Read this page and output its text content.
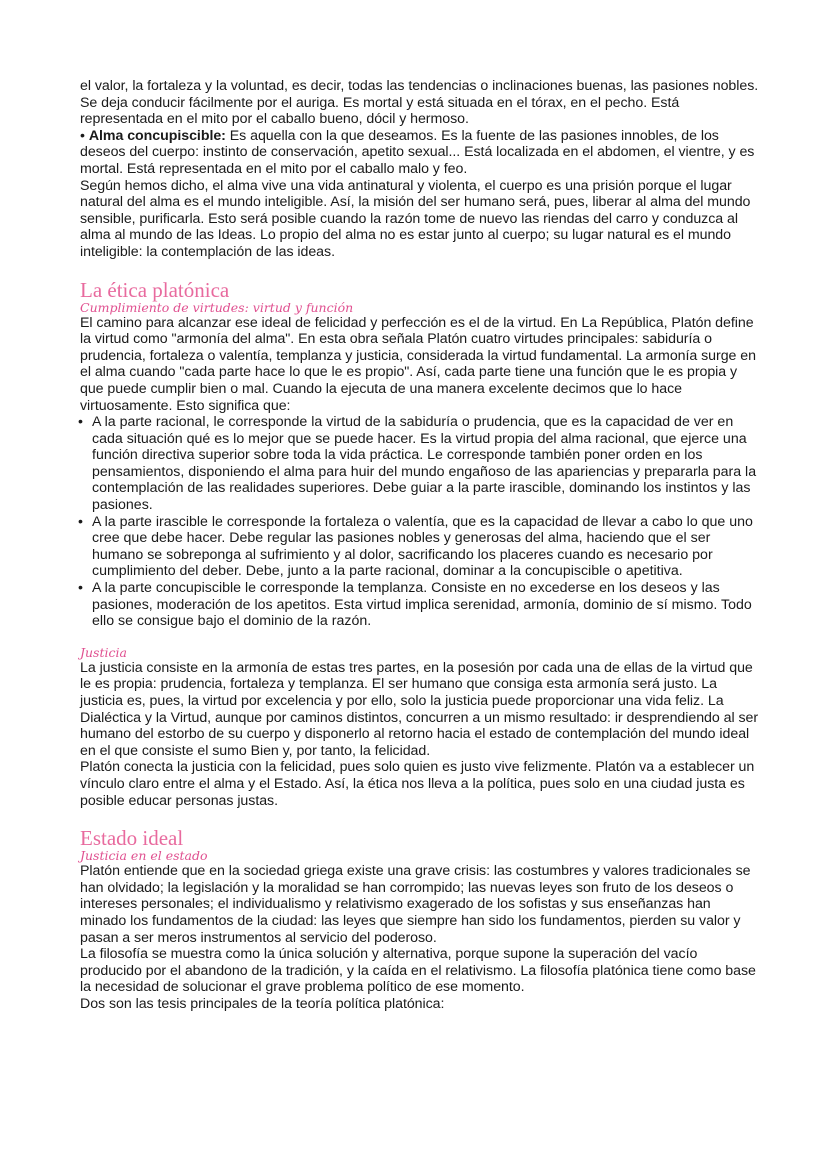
el valor, la fortaleza y la voluntad, es decir, todas las tendencias o inclinaciones buenas, las pasiones nobles. Se deja conducir fácilmente por el auriga. Es mortal y está situada en el tórax, en el pecho. Está representada en el mito por el caballo bueno, dócil y hermoso.

• Alma concupiscible: Es aquella con la que deseamos. Es la fuente de las pasiones innobles, de los deseos del cuerpo: instinto de conservación, apetito sexual... Está localizada en el abdomen, el vientre, y es mortal. Está representada en el mito por el caballo malo y feo.

Según hemos dicho, el alma vive una vida antinatural y violenta, el cuerpo es una prisión porque el lugar natural del alma es el mundo inteligible. Así, la misión del ser humano será, pues, liberar al alma del mundo sensible, purificarla. Esto será posible cuando la razón tome de nuevo las riendas del carro y conduzca al alma al mundo de las Ideas. Lo propio del alma no es estar junto al cuerpo; su lugar natural es el mundo inteligible: la contemplación de las ideas.

La ética platónica
Cumplimiento de virtudes: virtud y función

El camino para alcanzar ese ideal de felicidad y perfección es el de la virtud. En La República, Platón define la virtud como "armonía del alma". En esta obra señala Platón cuatro virtudes principales: sabiduría o prudencia, fortaleza o valentía, templanza y justicia, considerada la virtud fundamental. La armonía surge en el alma cuando "cada parte hace lo que le es propio". Así, cada parte tiene una función que le es propia y que puede cumplir bien o mal. Cuando la ejecuta de una manera excelente decimos que lo hace virtuosamente. Esto significa que:

• A la parte racional, le corresponde la virtud de la sabiduría o prudencia, que es la capacidad de ver en cada situación qué es lo mejor que se puede hacer. Es la virtud propia del alma racional, que ejerce una función directiva superior sobre toda la vida práctica. Le corresponde también poner orden en los pensamientos, disponiendo el alma para huir del mundo engañoso de las apariencias y prepararla para la contemplación de las realidades superiores. Debe guiar a la parte irascible, dominando los instintos y las pasiones.
• A la parte irascible le corresponde la fortaleza o valentía, que es la capacidad de llevar a cabo lo que uno cree que debe hacer. Debe regular las pasiones nobles y generosas del alma, haciendo que el ser humano se sobreponga al sufrimiento y al dolor, sacrificando los placeres cuando es necesario por cumplimiento del deber. Debe, junto a la parte racional, dominar a la concupiscible o apetitiva.
• A la parte concupiscible le corresponde la templanza. Consiste en no excederse en los deseos y las pasiones, moderación de los apetitos. Esta virtud implica serenidad, armonía, dominio de sí mismo. Todo ello se consigue bajo el dominio de la razón.
Justicia

La justicia consiste en la armonía de estas tres partes, en la posesión por cada una de ellas de la virtud que le es propia: prudencia, fortaleza y templanza. El ser humano que consiga esta armonía será justo. La justicia es, pues, la virtud por excelencia y por ello, solo la justicia puede proporcionar una vida feliz. La Dialéctica y la Virtud, aunque por caminos distintos, concurren a un mismo resultado: ir desprendiendo al ser humano del estorbo de su cuerpo y disponerlo al retorno hacia el estado de contemplación del mundo ideal en el que consiste el sumo Bien y, por tanto, la felicidad.

Platón conecta la justicia con la felicidad, pues solo quien es justo vive felizmente. Platón va a establecer un vínculo claro entre el alma y el Estado. Así, la ética nos lleva a la política, pues solo en una ciudad justa es posible educar personas justas.

Estado ideal
Justicia en el estado

Platón entiende que en la sociedad griega existe una grave crisis: las costumbres y valores tradicionales se han olvidado; la legislación y la moralidad se han corrompido; las nuevas leyes son fruto de los deseos o intereses personales; el individualismo y relativismo exagerado de los sofistas y sus enseñanzas han minado los fundamentos de la ciudad: las leyes que siempre han sido los fundamentos, pierden su valor y pasan a ser meros instrumentos al servicio del poderoso.

La filosofía se muestra como la única solución y alternativa, porque supone la superación del vacío producido por el abandono de la tradición, y la caída en el relativismo. La filosofía platónica tiene como base la necesidad de solucionar el grave problema político de ese momento.

Dos son las tesis principales de la teoría política platónica:
